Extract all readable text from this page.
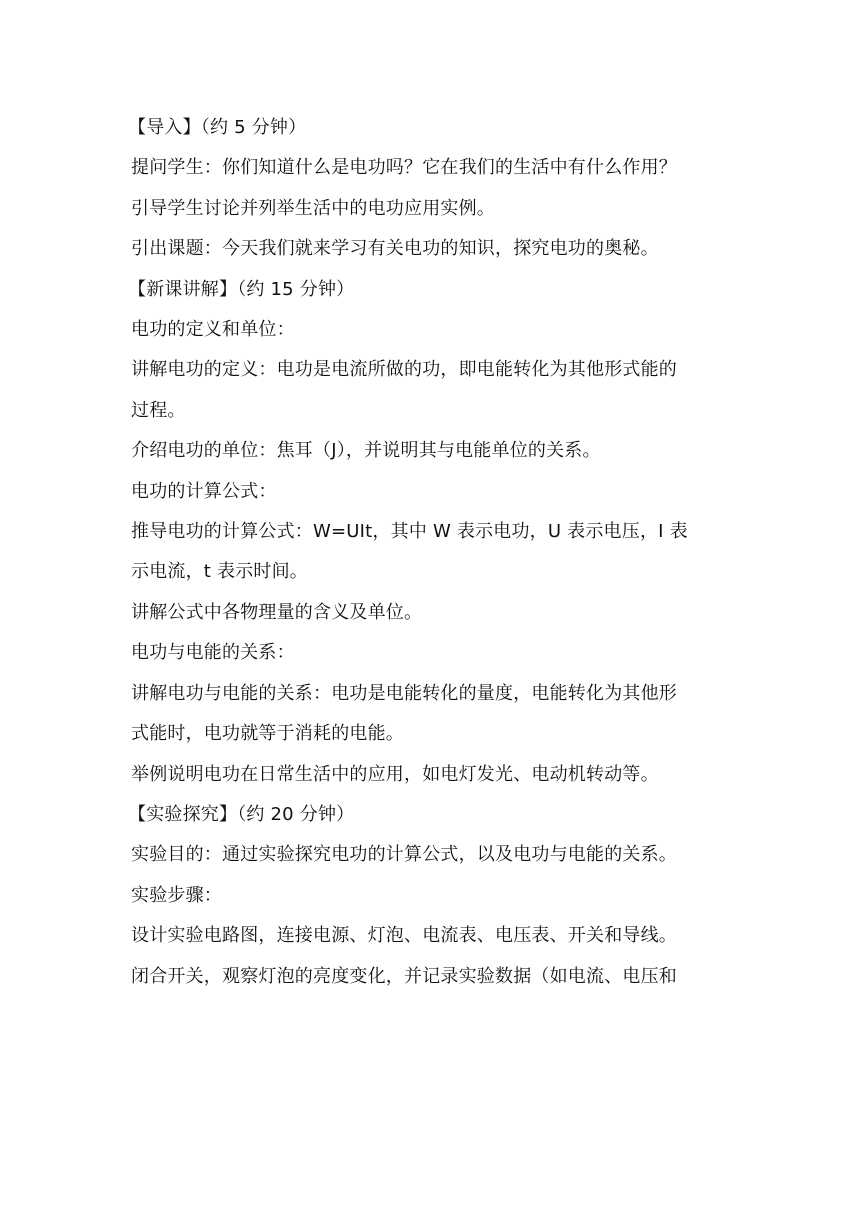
【导入】（约 5 分钟）
提问学生：你们知道什么是电功吗？它在我们的生活中有什么作用？
引导学生讨论并列举生活中的电功应用实例。
引出课题：今天我们就来学习有关电功的知识，探究电功的奥秘。
【新课讲解】（约 15 分钟）
电功的定义和单位：
讲解电功的定义：电功是电流所做的功，即电能转化为其他形式能的
过程。
介绍电功的单位：焦耳（J），并说明其与电能单位的关系。
电功的计算公式：
推导电功的计算公式：W=UIt，其中 W 表示电功，U 表示电压，I 表
示电流，t 表示时间。
讲解公式中各物理量的含义及单位。
电功与电能的关系：
讲解电功与电能的关系：电功是电能转化的量度，电能转化为其他形
式能时，电功就等于消耗的电能。
举例说明电功在日常生活中的应用，如电灯发光、电动机转动等。
【实验探究】（约 20 分钟）
实验目的：通过实验探究电功的计算公式，以及电功与电能的关系。
实验步骤：
设计实验电路图，连接电源、灯泡、电流表、电压表、开关和导线。
闭合开关，观察灯泡的亮度变化，并记录实验数据（如电流、电压和
